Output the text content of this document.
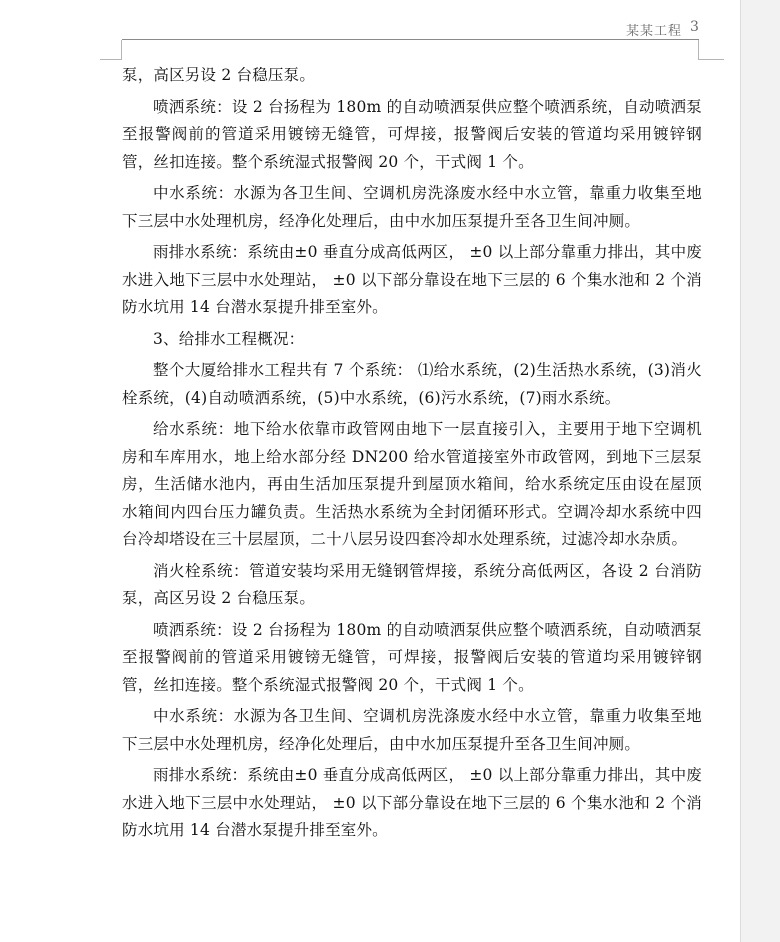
某某工程 3

泵，高区另设 2 台稳压泵。

喷洒系统：设 2 台扬程为 180m 的自动喷洒泵供应整个喷洒系统，自动喷洒泵至报警阀前的管道采用镀镑无缝管，可焊接，报警阀后安装的管道均采用镀锌钢管，丝扣连接。整个系统湿式报警阀 20 个，干式阀 1 个。

中水系统：水源为各卫生间、空调机房洗涤废水经中水立管，靠重力收集至地下三层中水处理机房，经净化处理后，由中水加压泵提升至各卫生间冲厕。

雨排水系统：系统由±0 垂直分成高低两区， ±0 以上部分靠重力排出，其中废水进入地下三层中水处理站， ±0 以下部分靠设在地下三层的 6 个集水池和 2 个消防水坑用 14 台潜水泵提升排至室外。

3、给排水工程概况：

整个大厦给排水工程共有 7 个系统： ⑴给水系统，(2)生活热水系统，(3)消火栓系统，(4)自动喷洒系统，(5)中水系统，(6)污水系统，(7)雨水系统。

给水系统：地下给水依靠市政管网由地下一层直接引入，主要用于地下空调机房和车库用水，地上给水部分经 DN200 给水管道接室外市政管网，到地下三层泵房，生活储水池内，再由生活加压泵提升到屋顶水箱间，给水系统定压由设在屋顶水箱间内四台压力罐负责。生活热水系统为全封闭循环形式。空调冷却水系统中四台冷却塔设在三十层屋顶，二十八层另设四套冷却水处理系统，过滤冷却水杂质。

消火栓系统：管道安装均采用无缝钢管焊接，系统分高低两区，各设 2 台消防泵，高区另设 2 台稳压泵。

喷洒系统：设 2 台扬程为 180m 的自动喷洒泵供应整个喷洒系统，自动喷洒泵至报警阀前的管道采用镀镑无缝管，可焊接，报警阀后安装的管道均采用镀锌钢管，丝扣连接。整个系统湿式报警阀 20 个，干式阀 1 个。

中水系统：水源为各卫生间、空调机房洗涤废水经中水立管，靠重力收集至地下三层中水处理机房，经净化处理后，由中水加压泵提升至各卫生间冲厕。

雨排水系统：系统由±0 垂直分成高低两区， ±0 以上部分靠重力排出，其中废水进入地下三层中水处理站， ±0 以下部分靠设在地下三层的 6 个集水池和 2 个消防水坑用 14 台潜水泵提升排至室外。
